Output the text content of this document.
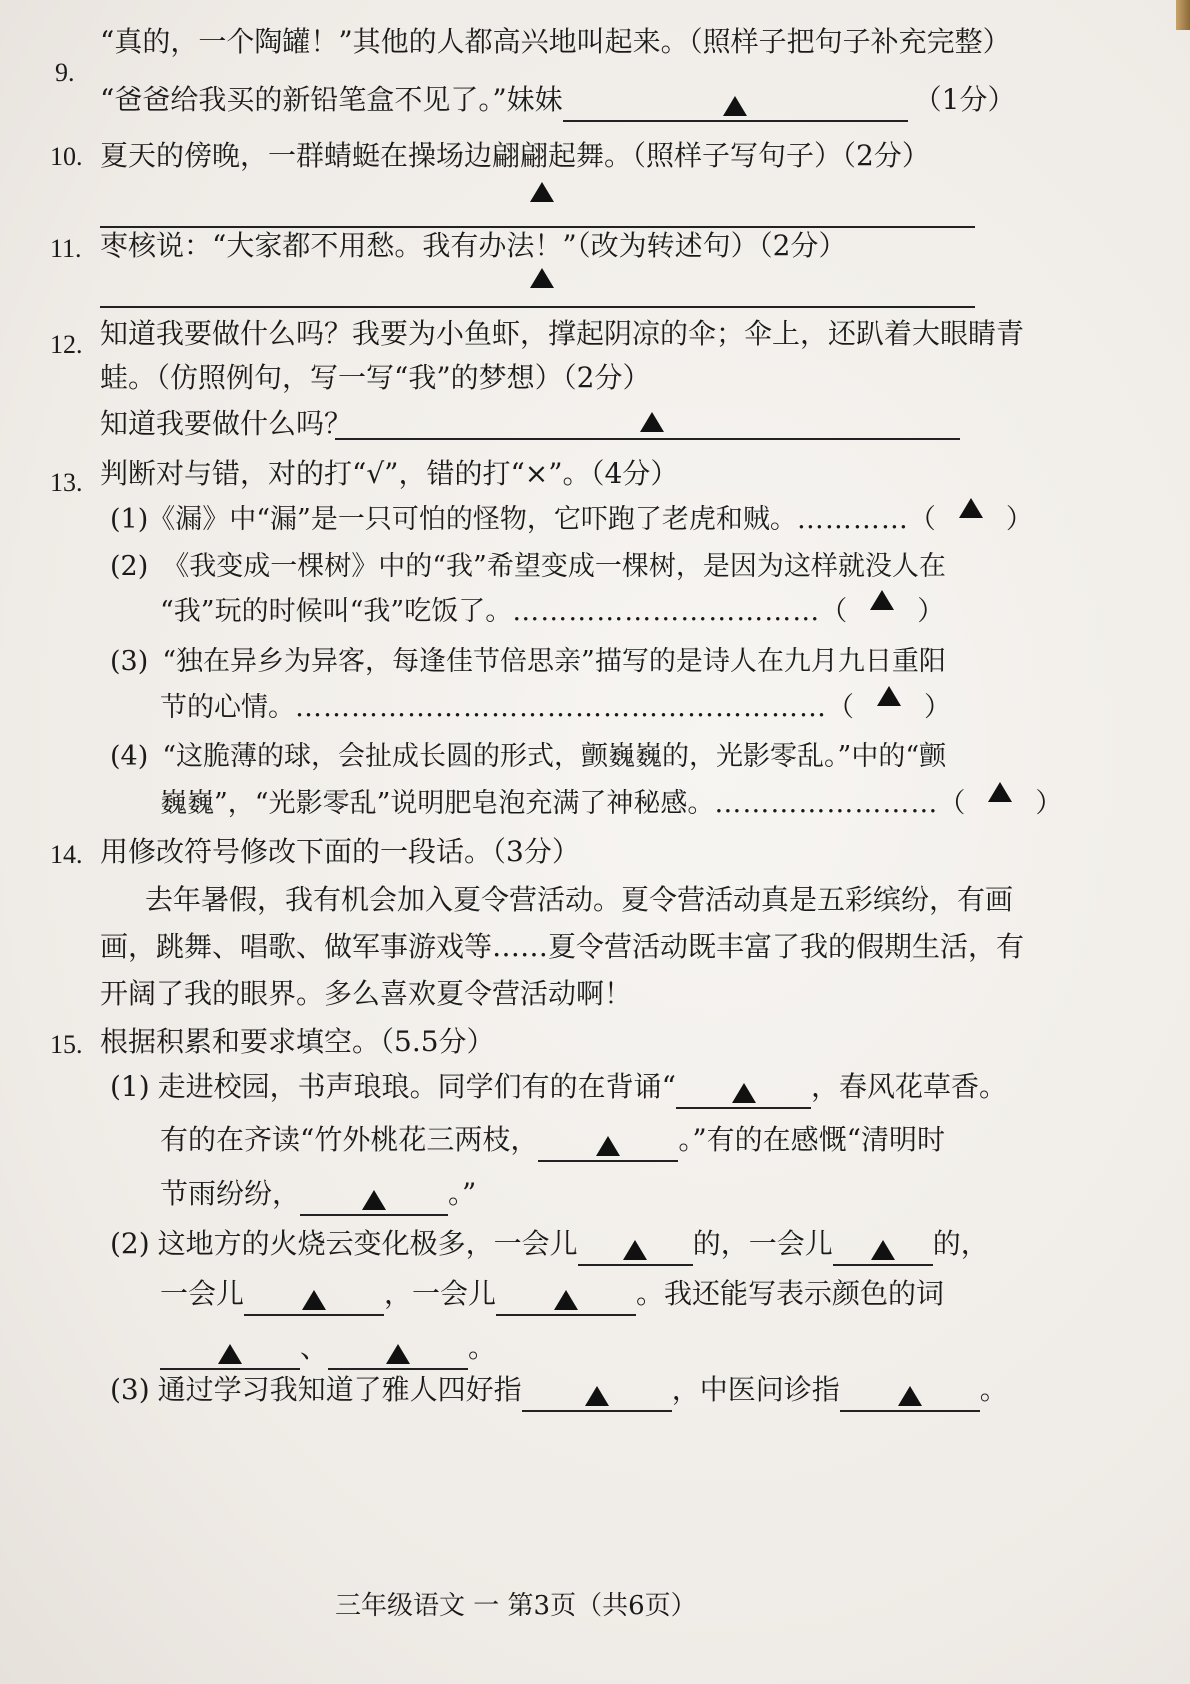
9.
“真的，一个陶罐！”其他的人都高兴地叫起来。（照样子把句子补充完整）
“爸爸给我买的新铅笔盒不见了。”妹妹	（1分）
10. 夏天的傍晚，一群蜻蜓在操场边翩翩起舞。（照样子写句子）（2分）
11. 枣核说：“大家都不用愁。我有办法！”（改为转述句）（2分）
12. 知道我要做什么吗？我要为小鱼虾，撑起阴凉的伞；伞上，还趴着大眼睛青
蛙。（仿照例句，写一写“我”的梦想）（2分）
知道我要做什么吗？
13. 判断对与错，对的打“√”，错的打“×”。（4分）
(1)《漏》中“漏”是一只可怕的怪物，它吓跑了老虎和贼。…………（	）
(2) 《我变成一棵树》中的“我”希望变成一棵树，是因为这样就没人在
“我”玩的时候叫“我”吃饭了。……………………………（	）
(3) “独在异乡为异客，每逢佳节倍思亲”描写的是诗人在九月九日重阳
节的心情。…………………………………………………（	）
(4) “这脆薄的球，会扯成长圆的形式，颤巍巍的，光影零乱。”中的“颤
巍巍”，“光影零乱”说明肥皂泡充满了神秘感。……………………（	）
14. 用修改符号修改下面的一段话。（3分）
去年暑假，我有机会加入夏令营活动。夏令营活动真是五彩缤纷，有画
画，跳舞、唱歌、做军事游戏等……夏令营活动既丰富了我的假期生活，有
开阔了我的眼界。多么喜欢夏令营活动啊！
15. 根据积累和要求填空。（5.5分）
(1) 走进校园，书声琅琅。同学们有的在背诵“	，春风花草香。
有的在齐读“竹外桃花三两枝，	。”有的在感慨“清明时
节雨纷纷，	。”
(2) 这地方的火烧云变化极多，一会儿	的，一会儿	的，
一会儿	，一会儿	。我还能写表示颜色的词
、	。
(3) 通过学习我知道了雅人四好指	，中医问诊指	。
三年级语文 一 第3页（共6页）
